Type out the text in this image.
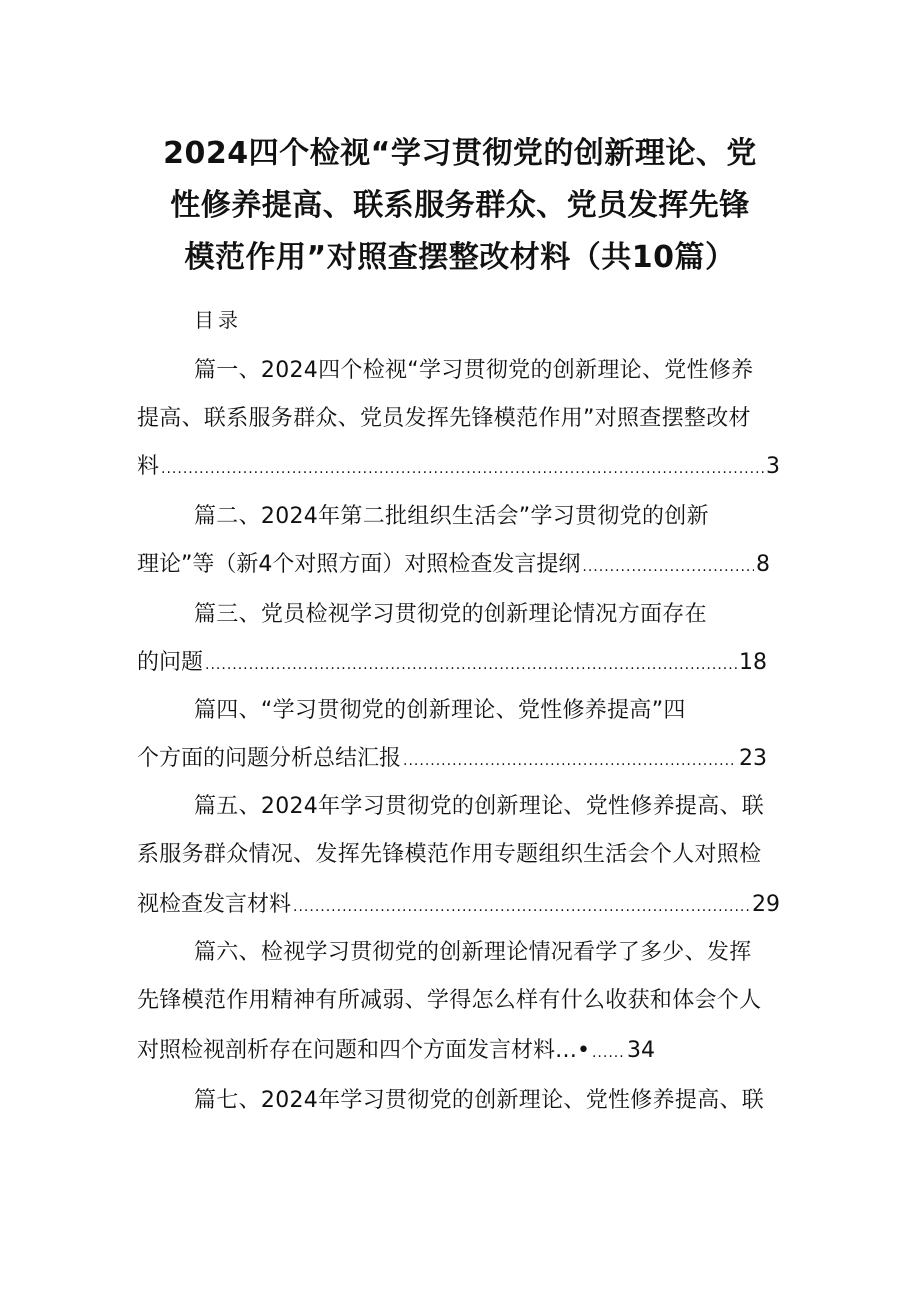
2024四个检视“学习贯彻党的创新理论、党
性修养提高、联系服务群众、党员发挥先锋
模范作用”对照查摆整改材料（共10篇）
目录
篇一、2024四个检视“学习贯彻党的创新理论、党性修养
提高、联系服务群众、党员发挥先锋模范作用”对照查摆整改材
料 .....	3
篇二、2024年第二批组织生活会”学习贯彻党的创新
理论”等（新4个对照方面）对照检查发言提纲 .....	8
篇三、党员检视学习贯彻党的创新理论情况方面存在
的问题 .....	18
篇四、“学习贯彻党的创新理论、党性修养提高”四
个方面的问题分析总结汇报 .....	23
篇五、2024年学习贯彻党的创新理论、党性修养提高、联
系服务群众情况、发挥先锋模范作用专题组织生活会个人对照检
视检查发言材料 .....	29
篇六、检视学习贯彻党的创新理论情况看学了多少、发挥
先锋模范作用精神有所减弱、学得怎么样有什么收获和体会个人
对照检视剖析存在问题和四个方面发言材料…• ..... 34
篇七、2024年学习贯彻党的创新理论、党性修养提高、联
